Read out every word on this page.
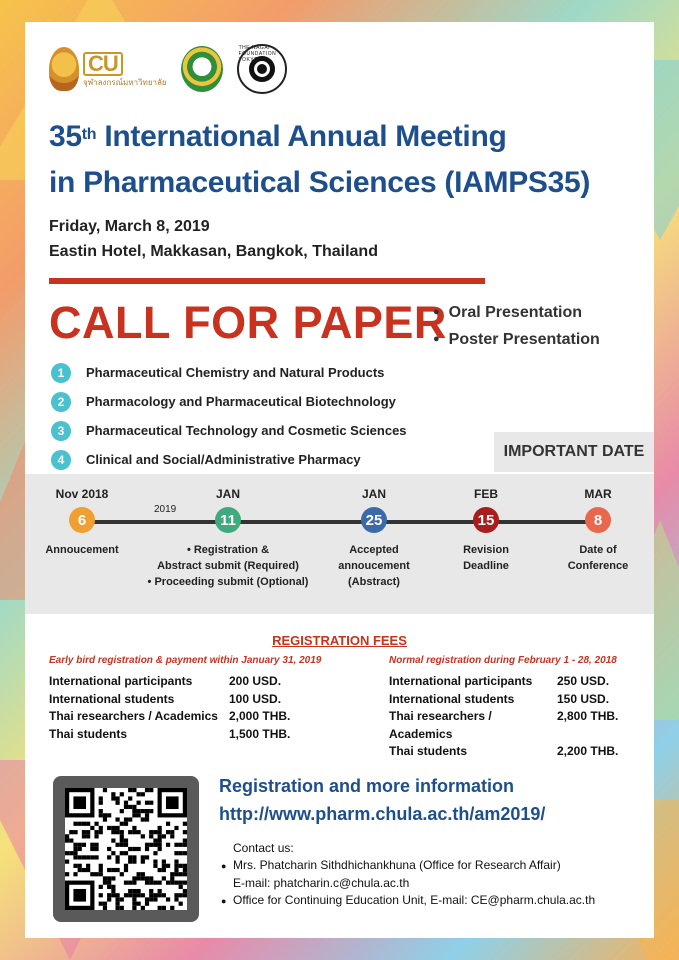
CU
จุฬาลงกรณ์มหาวิทยาลัย
THE NAGAI FOUNDATION TOKYO
35th International Annual Meeting
in Pharmaceutical Sciences (IAMPS35)
Friday, March 8, 2019
Eastin Hotel, Makkasan, Bangkok, Thailand
CALL FOR PAPER
● Oral Presentation
● Poster Presentation
1	Pharmaceutical Chemistry and Natural Products
2	Pharmacology and Pharmaceutical Biotechnology
3	Pharmaceutical Technology and Cosmetic Sciences
4	Clinical and Social/Administrative Pharmacy	IMPORTANT DATE
2019
Nov 2018
6
Annoucement
JAN
11
• Registration &
Abstract submit (Required)
• Proceeding submit (Optional)
JAN
25
Accepted
annoucement
(Abstract)
FEB
15
Revision
Deadline
MAR
8
Date of
Conference
REGISTRATION FEES
Early bird registration & payment within January 31, 2019
International participants	200 USD.
International students	100 USD.
Thai researchers / Academics 2,000 THB.
Thai students	1,500 THB.
Normal registration during February 1 - 28, 2018
International participants	250 USD.
International students	150 USD.
Thai researchers / Academics
2,800 THB.
Thai students	2,200 THB.
Registration and more information
http://www.pharm.chula.ac.th/am2019/
Contact us:
● Mrs. Phatcharin Sithdhichankhuna (Office for Research Affair)
E-mail: phatcharin.c@chula.ac.th
● Office for Continuing Education Unit, E-mail: CE@pharm.chula.ac.th
